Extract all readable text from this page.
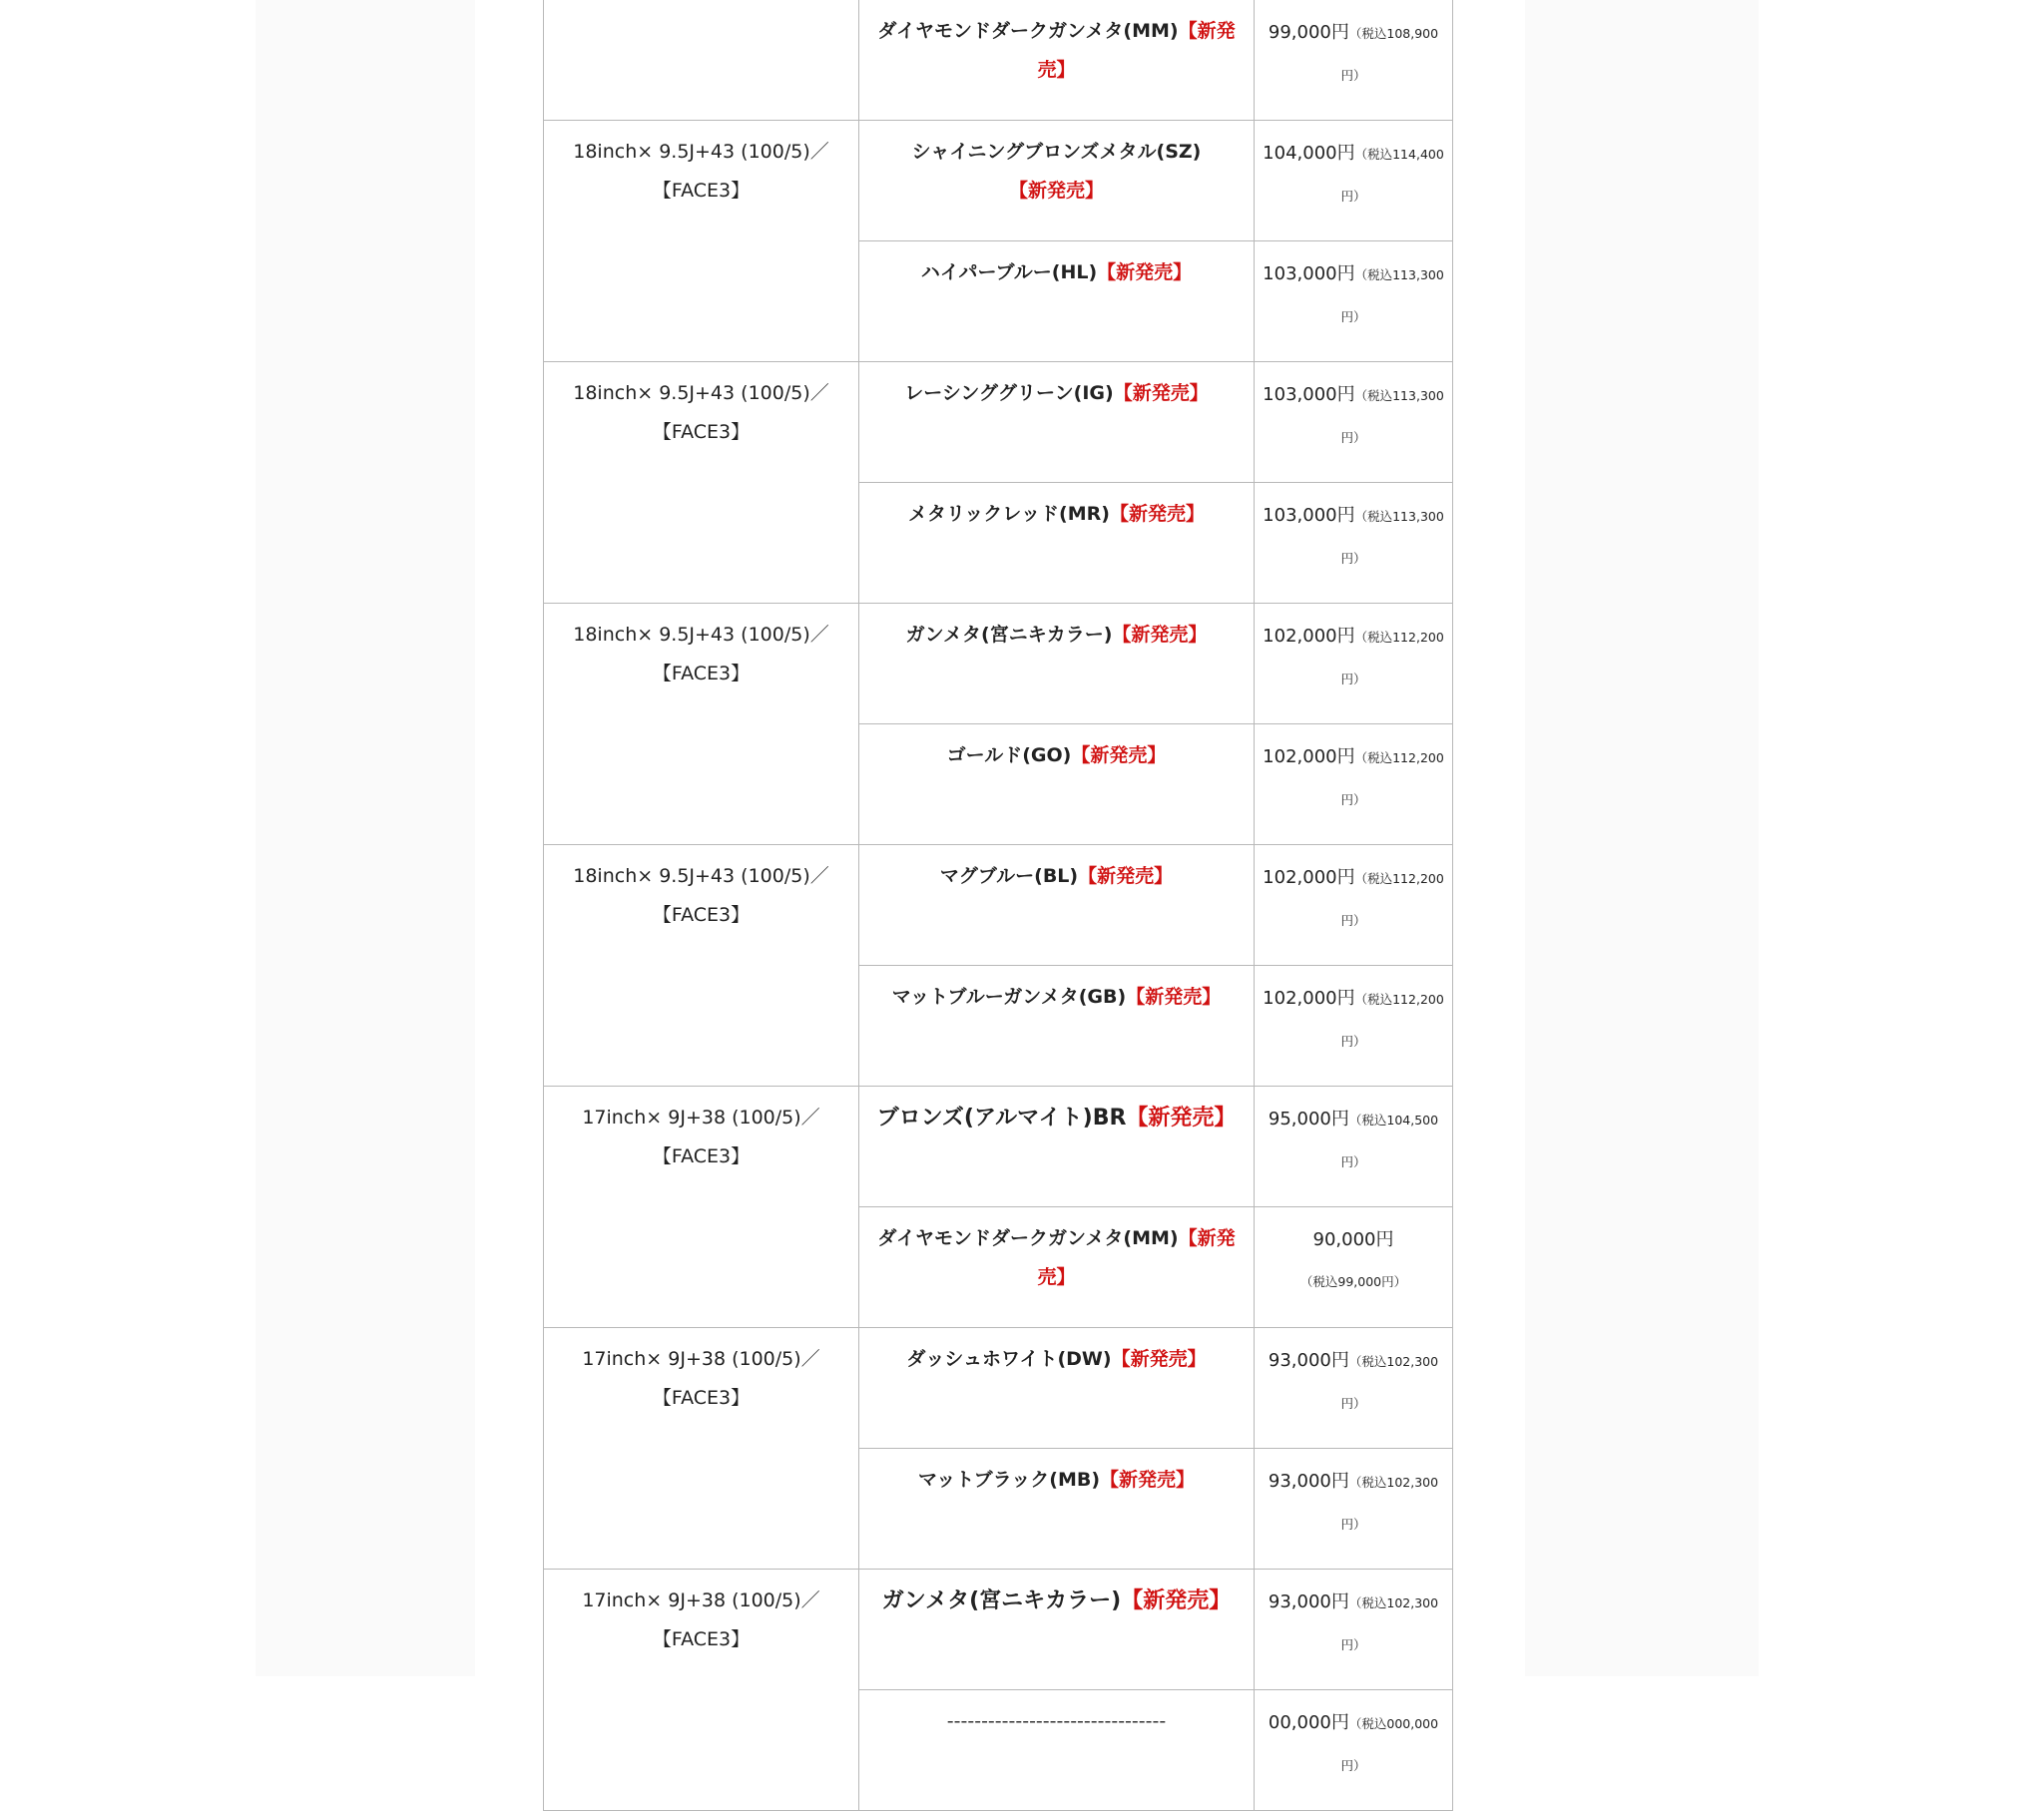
	ダイヤモンドダークガンメタ(MM)【新発売】	99,000円（税込108,900円）

18inch× 9.5J+43 (100/5)／
【FACE3】	シャイニングブロンズメタル(SZ)【新発売】	104,000円（税込114,400円）
	ハイパーブルー(HL)【新発売】	103,000円（税込113,300円）

18inch× 9.5J+43 (100/5)／
【FACE3】	レーシンググリーン(IG)【新発売】	103,000円（税込113,300円）
	メタリックレッド(MR)【新発売】	103,000円（税込113,300円）

18inch× 9.5J+43 (100/5)／
【FACE3】	ガンメタ(宮ニキカラー)【新発売】	102,000円（税込112,200円）
	ゴールド(GO)【新発売】	102,000円（税込112,200円）

18inch× 9.5J+43 (100/5)／
【FACE3】	マグブルー(BL)【新発売】	102,000円（税込112,200円）
	マットブルーガンメタ(GB)【新発売】	102,000円（税込112,200円）

17inch× 9J+38 (100/5)／
【FACE3】	ブロンズ(アルマイト)BR【新発売】	95,000円（税込104,500円）
	ダイヤモンドダークガンメタ(MM)【新発売】	90,000円（税込99,000円）

17inch× 9J+38 (100/5)／
【FACE3】	ダッシュホワイト(DW)【新発売】	93,000円（税込102,300円）
	マットブラック(MB)【新発売】	93,000円（税込102,300円）

17inch× 9J+38 (100/5)／
【FACE3】	ガンメタ(宮ニキカラー)【新発売】	93,000円（税込102,300円）
	--------------------------------	00,000円（税込000,000円）
